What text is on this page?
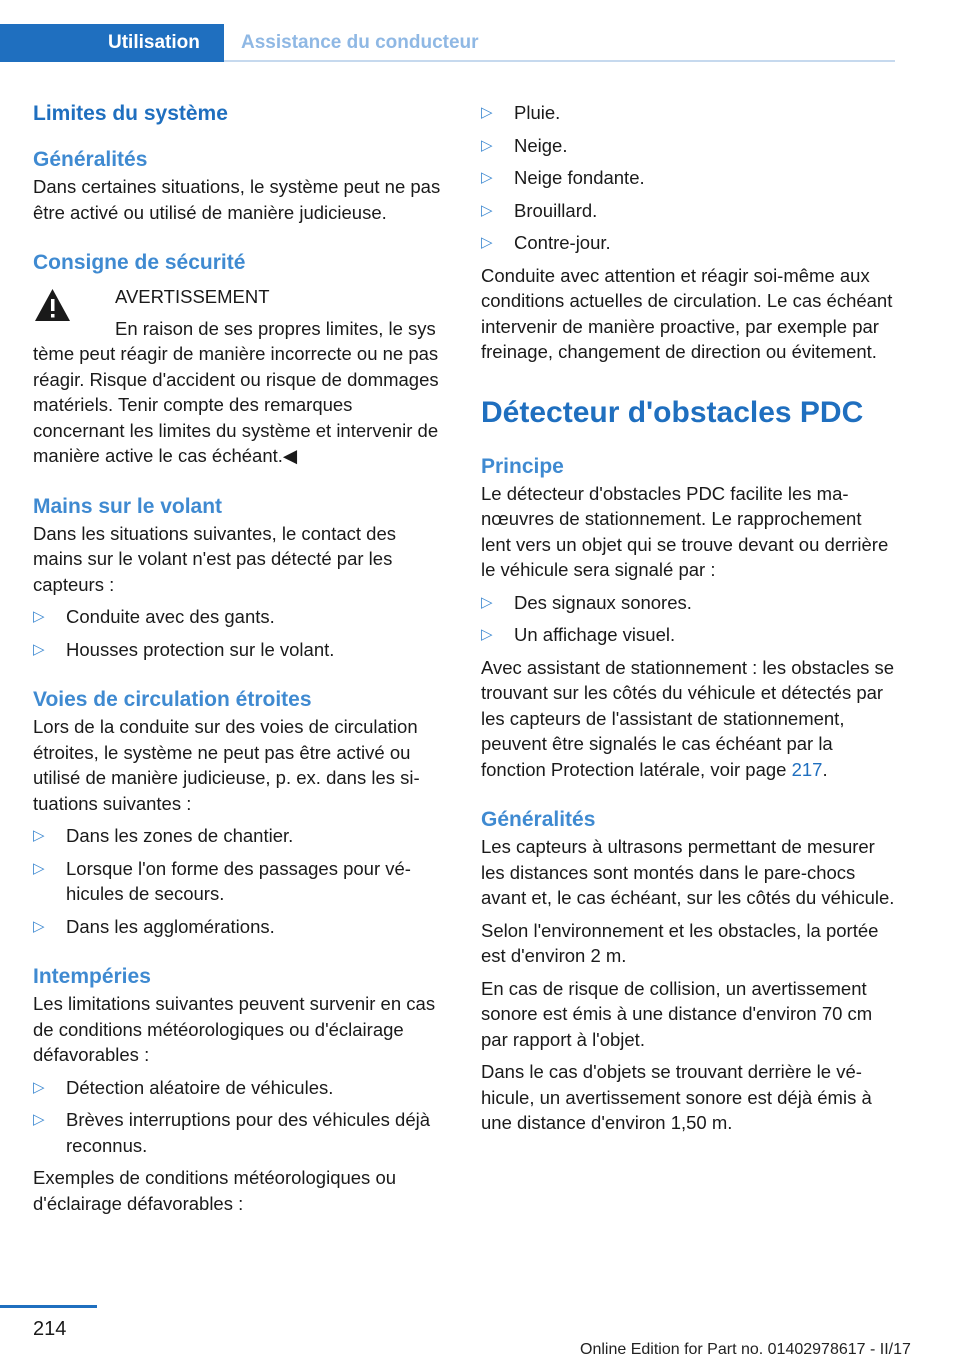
Utilisation	Assistance du conducteur
Limites du système
Généralités

Dans certaines situations, le système peut ne pas être activé ou utilisé de manière judicieuse.

Consigne de sécurité

AVERTISSEMENT

En raison de ses propres limites, le sys

tème peut réagir de manière incorrecte ou ne pas réagir. Risque d'accident ou risque de dommages matériels. Tenir compte des remarques concernant les limites du système et intervenir de manière active le cas échéant.◀

Mains sur le volant

Dans les situations suivantes, le contact des mains sur le volant n'est pas détecté par les capteurs :

▷ Conduite avec des gants.
▷ Housses protection sur le volant.
Voies de circulation étroites

Lors de la conduite sur des voies de circulation étroites, le système ne peut pas être activé ou utilisé de manière judicieuse, p. ex. dans les situations suivantes :

▷ Dans les zones de chantier.
▷ Lorsque l'on forme des passages pour véhicules de secours.
▷ Dans les agglomérations.
Intempéries

Les limitations suivantes peuvent survenir en cas de conditions météorologiques ou d'éclairage défavorables :

▷ Détection aléatoire de véhicules.
▷ Brèves interruptions pour des véhicules déjà reconnus.

Exemples de conditions météorologiques ou d'éclairage défavorables :

▷ Pluie.
▷ Neige.
▷ Neige fondante.
▷ Brouillard.
▷ Contre-jour.

Conduite avec attention et réagir soi-même aux conditions actuelles de circulation. Le cas échéant intervenir de manière proactive, par exemple par freinage, changement de direction ou évitement.

Détecteur d'obstacles PDC
Principe

Le détecteur d'obstacles PDC facilite les manœuvres de stationnement. Le rapprochement lent vers un objet qui se trouve devant ou derrière le véhicule sera signalé par :

▷ Des signaux sonores.
▷ Un affichage visuel.

Avec assistant de stationnement : les obstacles se trouvant sur les côtés du véhicule et détectés par les capteurs de l'assistant de stationnement, peuvent être signalés le cas échéant par la fonction Protection latérale, voir page 217.

Généralités

Les capteurs à ultrasons permettant de mesurer les distances sont montés dans le pare-chocs avant et, le cas échéant, sur les côtés du véhicule.

Selon l'environnement et les obstacles, la portée est d'environ 2 m.

En cas de risque de collision, un avertissement sonore est émis à une distance d'environ 70 cm par rapport à l'objet.

Dans le cas d'objets se trouvant derrière le véhicule, un avertissement sonore est déjà émis à une distance d'environ 1,50 m.

214
Online Edition for Part no. 01402978617 - II/17
